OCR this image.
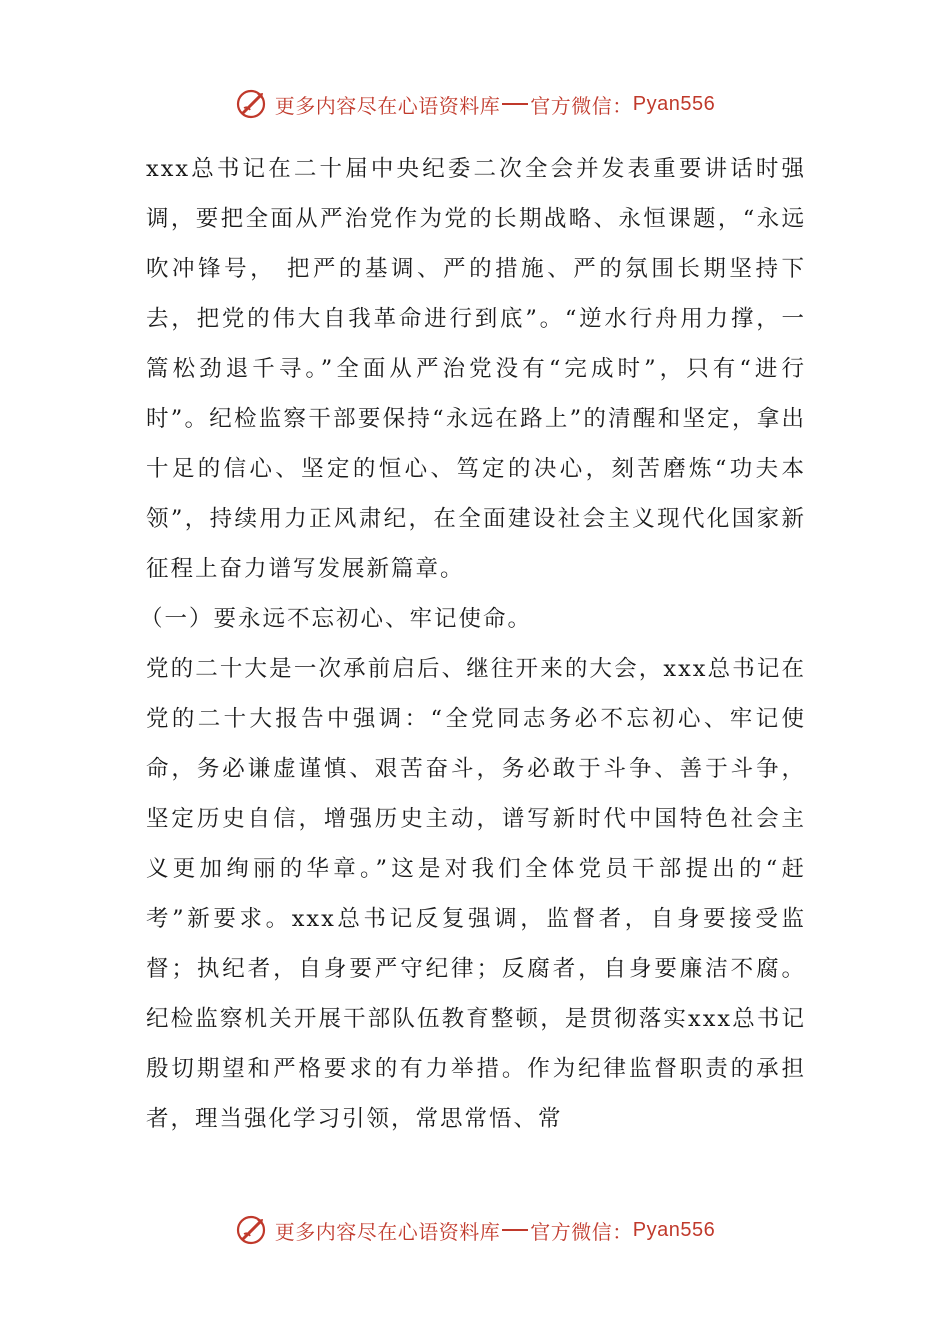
更多内容尽在心语资料库 官方微信： Pyan556

xxx总书记在二十届中央纪委二次全会并发表重要讲话时强调，要把全面从严治党作为党的长期战略、永恒课题，“永远吹冲锋号， 把严的基调、严的措施、严的氛围长期坚持下去，把党的伟大自我革命进行到底”。“逆水行舟用力撑，一篙松劲退千寻。”全面从严治党没有“完成时”，只有“进行时”。纪检监察干部要保持“永远在路上”的清醒和坚定，拿出十足的信心、坚定的恒心、笃定的决心，刻苦磨炼“功夫本领”，持续用力正风肃纪，在全面建设社会主义现代化国家新征程上奋力谱写发展新篇章。

（一）要永远不忘初心、牢记使命。

党的二十大是一次承前启后、继往开来的大会，xxx总书记在党的二十大报告中强调：“全党同志务必不忘初心、牢记使命，务必谦虚谨慎、艰苦奋斗，务必敢于斗争、善于斗争，坚定历史自信，增强历史主动，谱写新时代中国特色社会主义更加绚丽的华章。”这是对我们全体党员干部提出的“赶考”新要求。xxx总书记反复强调，监督者，自身要接受监督；执纪者，自身要严守纪律；反腐者，自身要廉洁不腐。纪检监察机关开展干部队伍教育整顿，是贯彻落实xxx总书记殷切期望和严格要求的有力举措。作为纪律监督职责的承担者，理当强化学习引领，常思常悟、常

更多内容尽在心语资料库 官方微信： Pyan556
